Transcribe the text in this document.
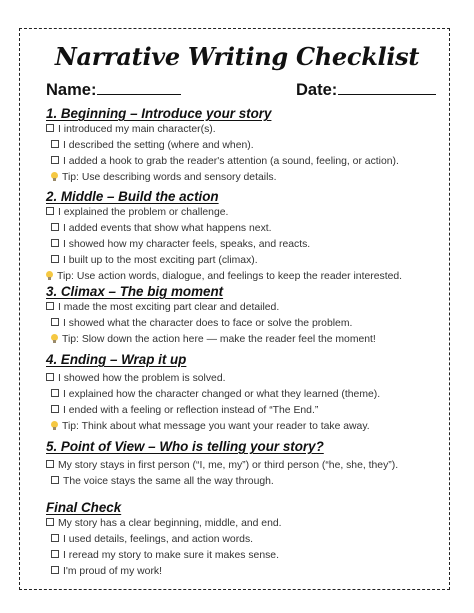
Narrative Writing Checklist
Name:	Date:
1. Beginning – Introduce your story
I introduced my main character(s).
I described the setting (where and when).
I added a hook to grab the reader's attention (a sound, feeling, or action).
Tip: Use describing words and sensory details.
2. Middle – Build the action
I explained the problem or challenge.
I added events that show what happens next.
I showed how my character feels, speaks, and reacts.
I built up to the most exciting part (climax).
Tip: Use action words, dialogue, and feelings to keep the reader interested.
3. Climax – The big moment
I made the most exciting part clear and detailed.
I showed what the character does to face or solve the problem.
Tip: Slow down the action here — make the reader feel the moment!
4. Ending – Wrap it up
I showed how the problem is solved.
I explained how the character changed or what they learned (theme).
I ended with a feeling or reflection instead of “The End.”
Tip: Think about what message you want your reader to take away.
5. Point of View – Who is telling your story?
My story stays in first person (“I, me, my”) or third person (“he, she, they”).
The voice stays the same all the way through.
Final Check
My story has a clear beginning, middle, and end.
I used details, feelings, and action words.
I reread my story to make sure it makes sense.
I'm proud of my work!
